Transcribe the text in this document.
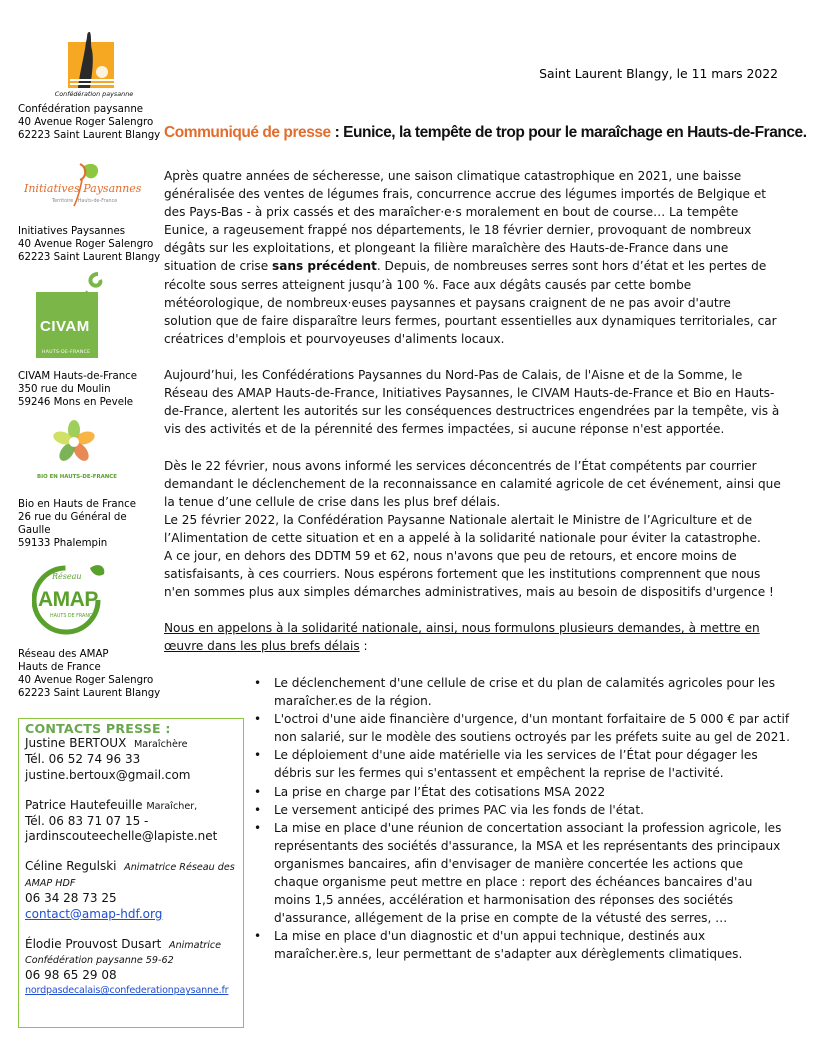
Saint Laurent Blangy, le 11 mars 2022
Confédération paysanne
Confédération paysanne
40 Avenue Roger Salengro
62223 Saint Laurent Blangy
Initiatives Paysannes
Territoire   Hauts-de-France
Initiatives Paysannes
40 Avenue Roger Salengro
62223 Saint Laurent Blangy
CIVAM
HAUTS-DE-FRANCE
CIVAM Hauts-de-France
350 rue du Moulin
59246 Mons en Pevele
BIO EN HAUTS-DE-FRANCE
Bio en Hauts de France
26 rue du Général de
Gaulle
59133 Phalempin
Réseau
AMAP
HAUTS DE FRANCE
Réseau des AMAP
Hauts de France
40 Avenue Roger Salengro
62223 Saint Laurent Blangy
Communiqué de presse : Eunice, la tempête de trop pour le maraîchage en Hauts-de-France.

Après quatre années de sécheresse, une saison climatique catastrophique en 2021, une baisse généralisée des ventes de légumes frais, concurrence accrue des légumes importés de Belgique et des Pays-Bas - à prix cassés et des maraîcher·e·s moralement en bout de course… La tempête Eunice, a rageusement frappé nos départements, le 18 février dernier, provoquant de nombreux dégâts sur les exploitations, et plongeant la filière maraîchère des Hauts-de-France dans une situation de crise sans précédent. Depuis, de nombreuses serres sont hors d’état et les pertes de récolte sous serres atteignent jusqu’à 100 %. Face aux dégâts causés par cette bombe météorologique, de nombreux·euses paysannes et paysans craignent de ne pas avoir d'autre solution que de faire disparaître leurs fermes, pourtant essentielles aux dynamiques territoriales, car créatrices d'emplois et pourvoyeuses d'aliments locaux.

Aujourd’hui, les Confédérations Paysannes du Nord-Pas de Calais, de l'Aisne et de la Somme, le Réseau des AMAP Hauts-de-France, Initiatives Paysannes, le CIVAM Hauts-de-France et Bio en Hauts-de-France, alertent les autorités sur les conséquences destructrices engendrées par la tempête, vis à vis des activités et de la pérennité des fermes impactées, si aucune réponse n'est apportée.

Dès le 22 février, nous avons informé les services déconcentrés de l’État compétents par courrier demandant le déclenchement de la reconnaissance en calamité agricole de cet événement, ainsi que la tenue d’une cellule de crise dans les plus bref délais.

Le 25 février 2022, la Confédération Paysanne Nationale alertait le Ministre de l’Agriculture et de l’Alimentation de cette situation et en a appelé à la solidarité nationale pour éviter la catastrophe.

A ce jour, en dehors des DDTM 59 et 62, nous n'avons que peu de retours, et encore moins de satisfaisants, à ces courriers. Nous espérons fortement que les institutions comprennent que nous n'en sommes plus aux simples démarches administratives, mais au besoin de dispositifs d'urgence !

Nous en appelons à la solidarité nationale, ainsi, nous formulons plusieurs demandes, à mettre en œuvre dans les plus brefs délais :

• Le déclenchement d'une cellule de crise et du plan de calamités agricoles pour les maraîcher.es de la région.
• L'octroi d'une aide financière d'urgence, d'un montant forfaitaire de 5 000 € par actif non salarié, sur le modèle des soutiens octroyés par les préfets suite au gel de 2021.
• Le déploiement d'une aide matérielle via les services de l’État pour dégager les débris sur les fermes qui s'entassent et empêchent la reprise de l'activité.
• La prise en charge par l’État des cotisations MSA 2022
• Le versement anticipé des primes PAC via les fonds de l'état.
• La mise en place d'une réunion de concertation associant la profession agricole, les représentants des sociétés d'assurance, la MSA et les représentants des principaux organismes bancaires, afin d'envisager de manière concertée les actions que chaque organisme peut mettre en place : report des échéances bancaires d'au moins 1,5 années, accélération et harmonisation des réponses des sociétés d'assurance, allégement de la prise en compte de la vétusté des serres, …
• La mise en place d'un diagnostic et d'un appui technique, destinés aux maraîcher.ère.s, leur permettant de s'adapter aux dérèglements climatiques.
CONTACTS PRESSE :
Justine BERTOUX Maraîchère
Tél. 06 52 74 96 33
justine.bertoux@gmail.com
Patrice Hautefeuille Maraîcher,
Tél. 06 83 71 07 15 -
jardinscouteechelle@lapiste.net
Céline Regulski Animatrice Réseau des AMAP HDF
06 34 28 73 25
contact@amap-hdf.org
Élodie Prouvost Dusart Animatrice
Confédération paysanne 59-62
06 98 65 29 08
nordpasdecalais@confederationpaysanne.fr
